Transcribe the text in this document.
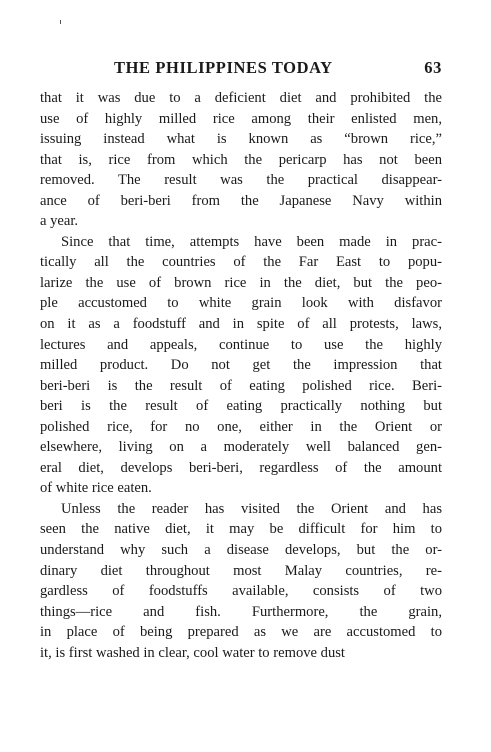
THE PHILIPPINES TODAY	63
that it was due to a deficient diet and prohibited the
use of highly milled rice among their enlisted men,
issuing instead what is known as “brown rice,”
that is, rice from which the pericarp has not been
removed. The result was the practical disappear-
ance of beri-beri from the Japanese Navy within
a year.
Since that time, attempts have been made in prac-
tically all the countries of the Far East to popu-
larize the use of brown rice in the diet, but the peo-
ple accustomed to white grain look with disfavor
on it as a foodstuff and in spite of all protests, laws,
lectures and appeals, continue to use the highly
milled product. Do not get the impression that
beri-beri is the result of eating polished rice. Beri-
beri is the result of eating practically nothing but
polished rice, for no one, either in the Orient or
elsewhere, living on a moderately well balanced gen-
eral diet, develops beri-beri, regardless of the amount
of white rice eaten.
Unless the reader has visited the Orient and has
seen the native diet, it may be difficult for him to
understand why such a disease develops, but the or-
dinary diet throughout most Malay countries, re-
gardless of foodstuffs available, consists of two
things—rice and fish. Furthermore, the grain,
in place of being prepared as we are accustomed to
it, is first washed in clear, cool water to remove dust
